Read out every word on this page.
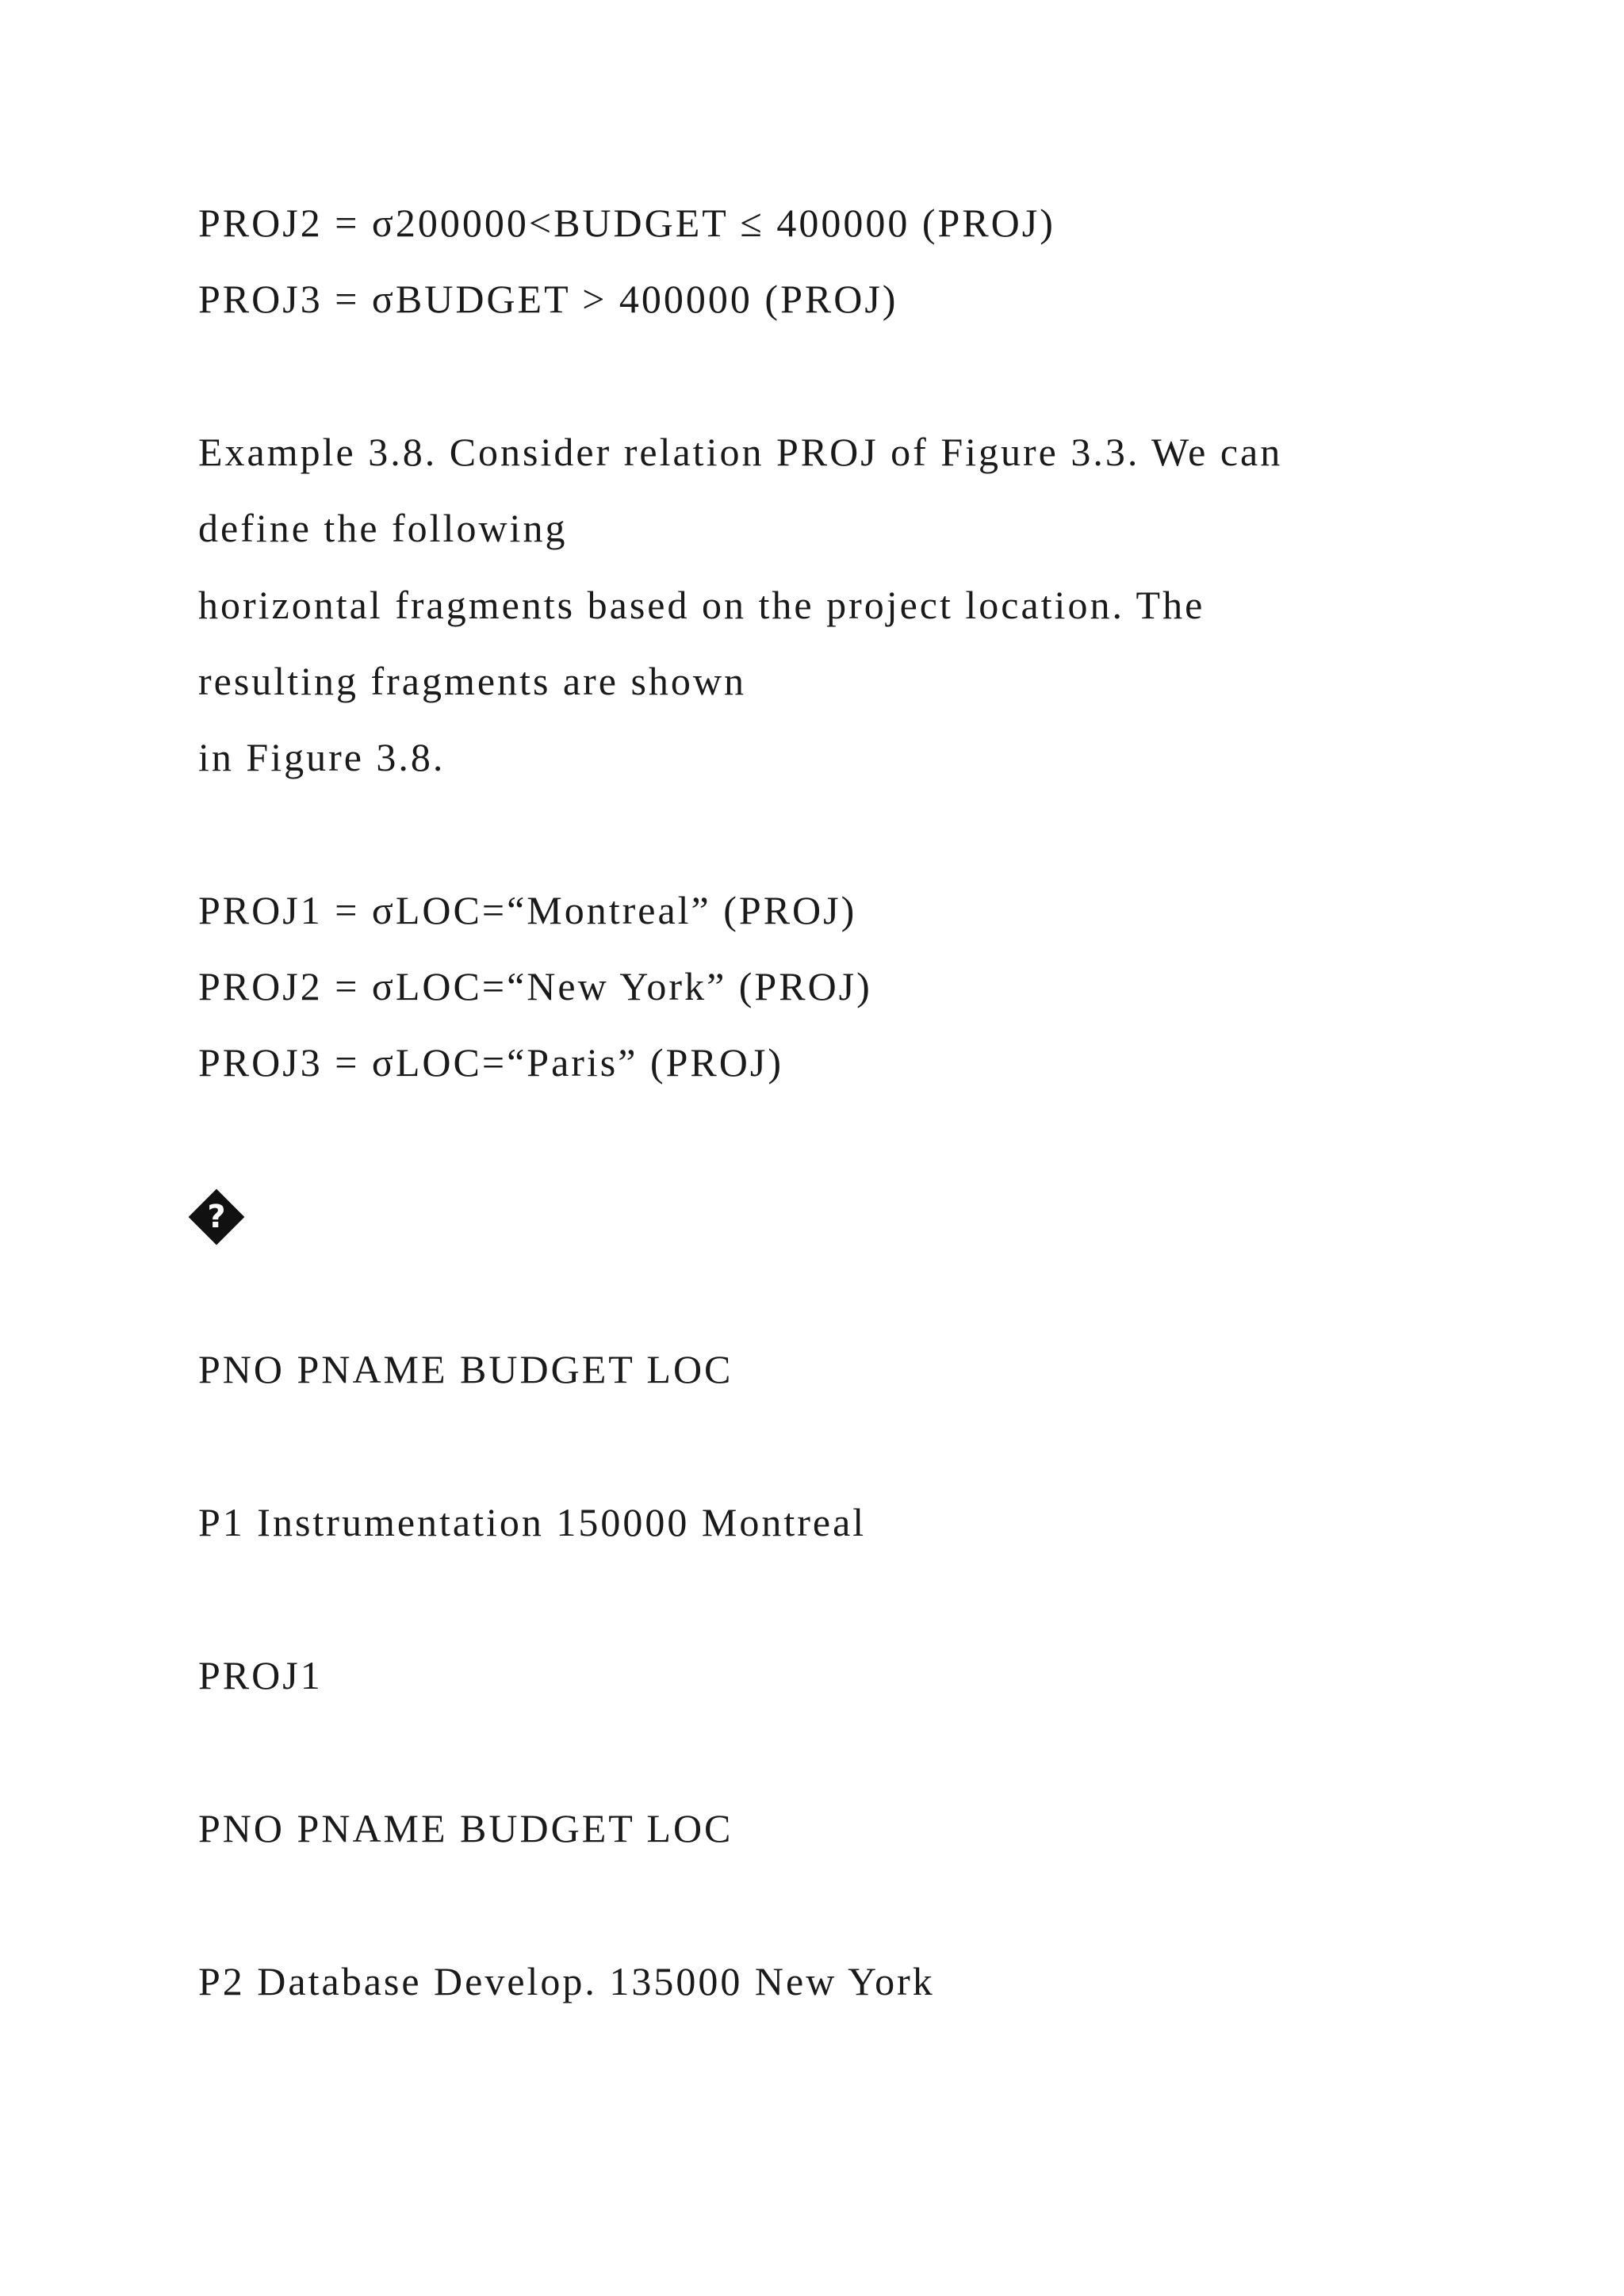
PROJ2 = σ200000<BUDGET ≤ 400000 (PROJ)

PROJ3 = σBUDGET > 400000 (PROJ)

Example 3.8. Consider relation PROJ of Figure 3.3. We can

define the following

horizontal fragments based on the project location. The

resulting fragments are shown

in Figure 3.8.

PROJ1 = σLOC=“Montreal” (PROJ)

PROJ2 = σLOC=“New York” (PROJ)

PROJ3 = σLOC=“Paris” (PROJ)

?

PNO PNAME BUDGET LOC

P1 Instrumentation 150000 Montreal

PROJ1

PNO PNAME BUDGET LOC

P2 Database Develop. 135000 New York
